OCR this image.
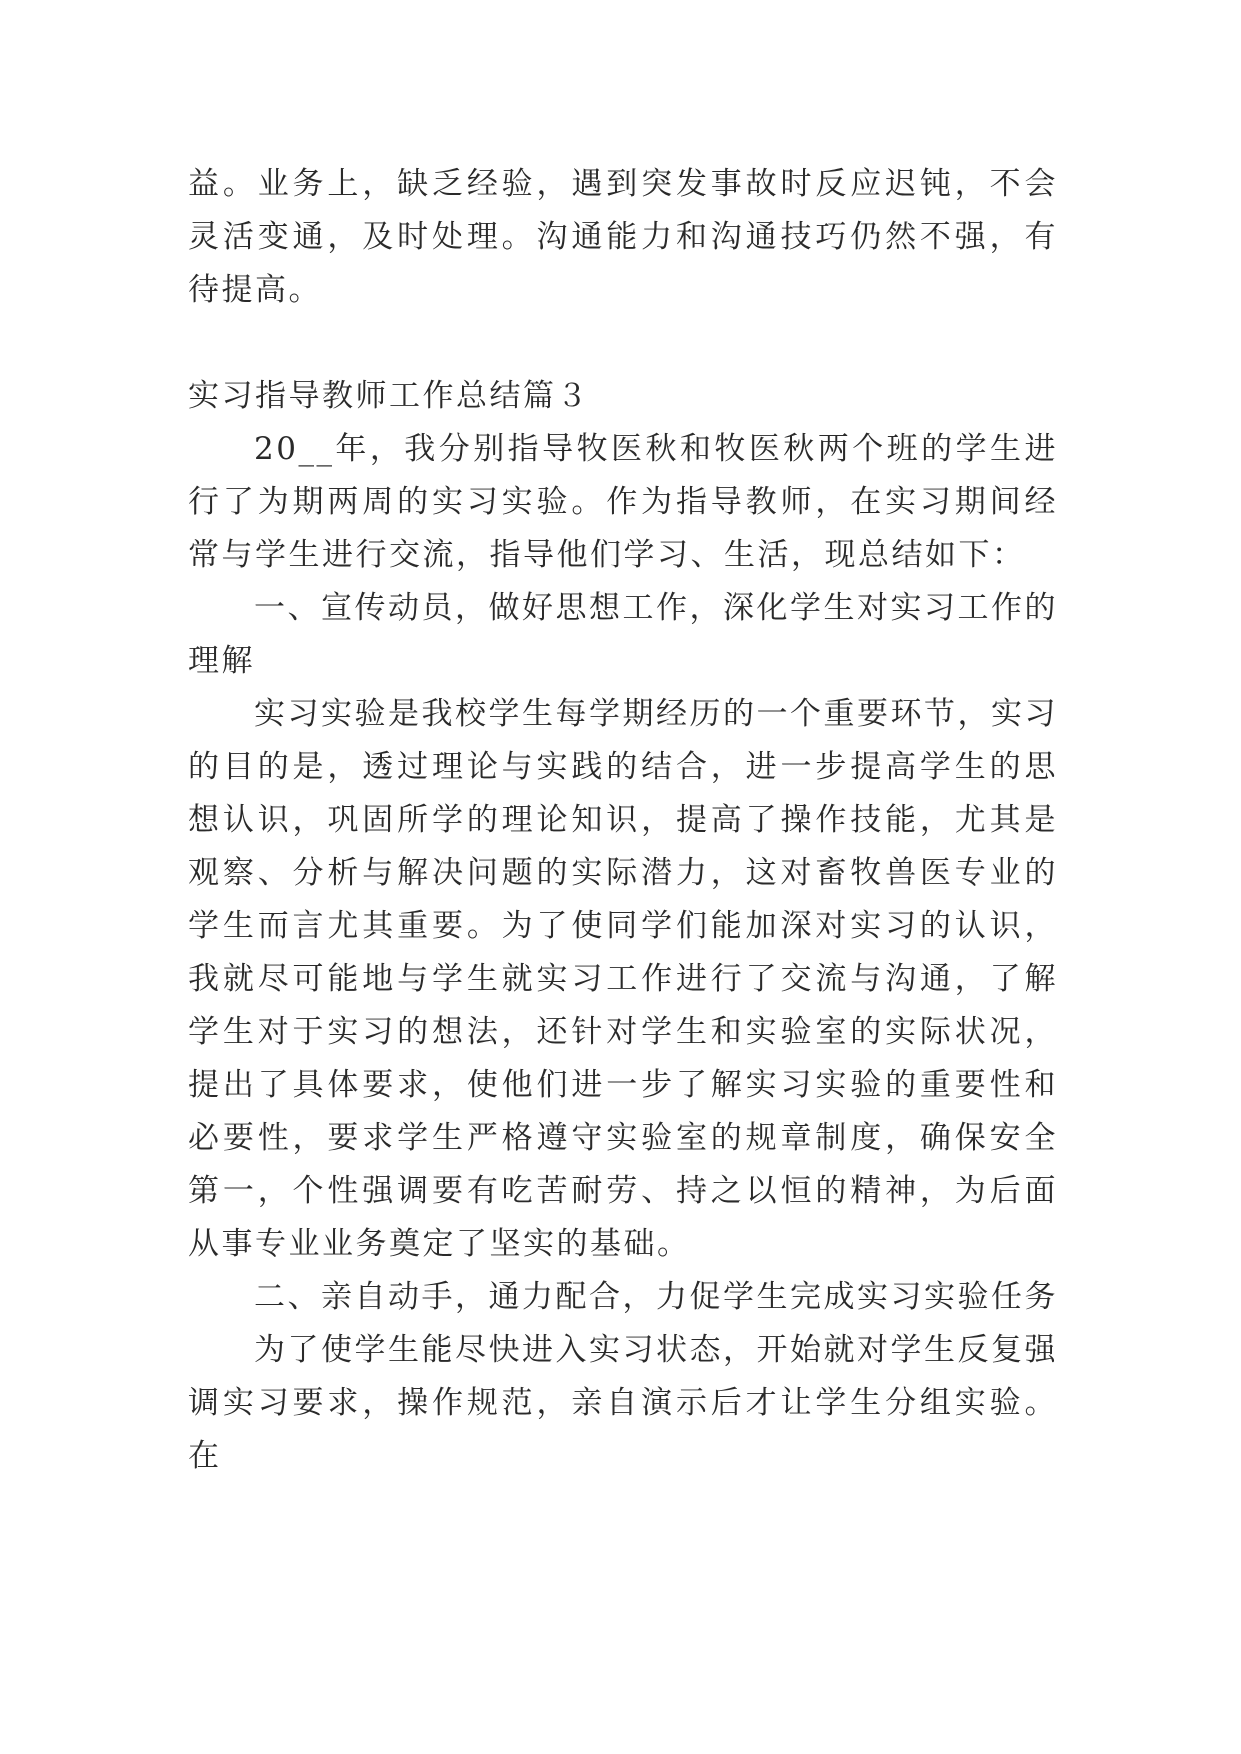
益。业务上，缺乏经验，遇到突发事故时反应迟钝，不会灵活变通，及时处理。沟通能力和沟通技巧仍然不强，有待提高。

实习指导教师工作总结篇３

20__年，我分别指导牧医秋和牧医秋两个班的学生进行了为期两周的实习实验。作为指导教师，在实习期间经常与学生进行交流，指导他们学习、生活，现总结如下：

一、宣传动员，做好思想工作，深化学生对实习工作的理解

实习实验是我校学生每学期经历的一个重要环节，实习的目的是，透过理论与实践的结合，进一步提高学生的思想认识，巩固所学的理论知识，提高了操作技能，尤其是观察、分析与解决问题的实际潜力，这对畜牧兽医专业的学生而言尤其重要。为了使同学们能加深对实习的认识，我就尽可能地与学生就实习工作进行了交流与沟通，了解学生对于实习的想法，还针对学生和实验室的实际状况，提出了具体要求，使他们进一步了解实习实验的重要性和必要性，要求学生严格遵守实验室的规章制度，确保安全第一，个性强调要有吃苦耐劳、持之以恒的精神，为后面从事专业业务奠定了坚实的基础。

二、亲自动手，通力配合，力促学生完成实习实验任务

为了使学生能尽快进入实习状态，开始就对学生反复强调实习要求，操作规范，亲自演示后才让学生分组实验。在
